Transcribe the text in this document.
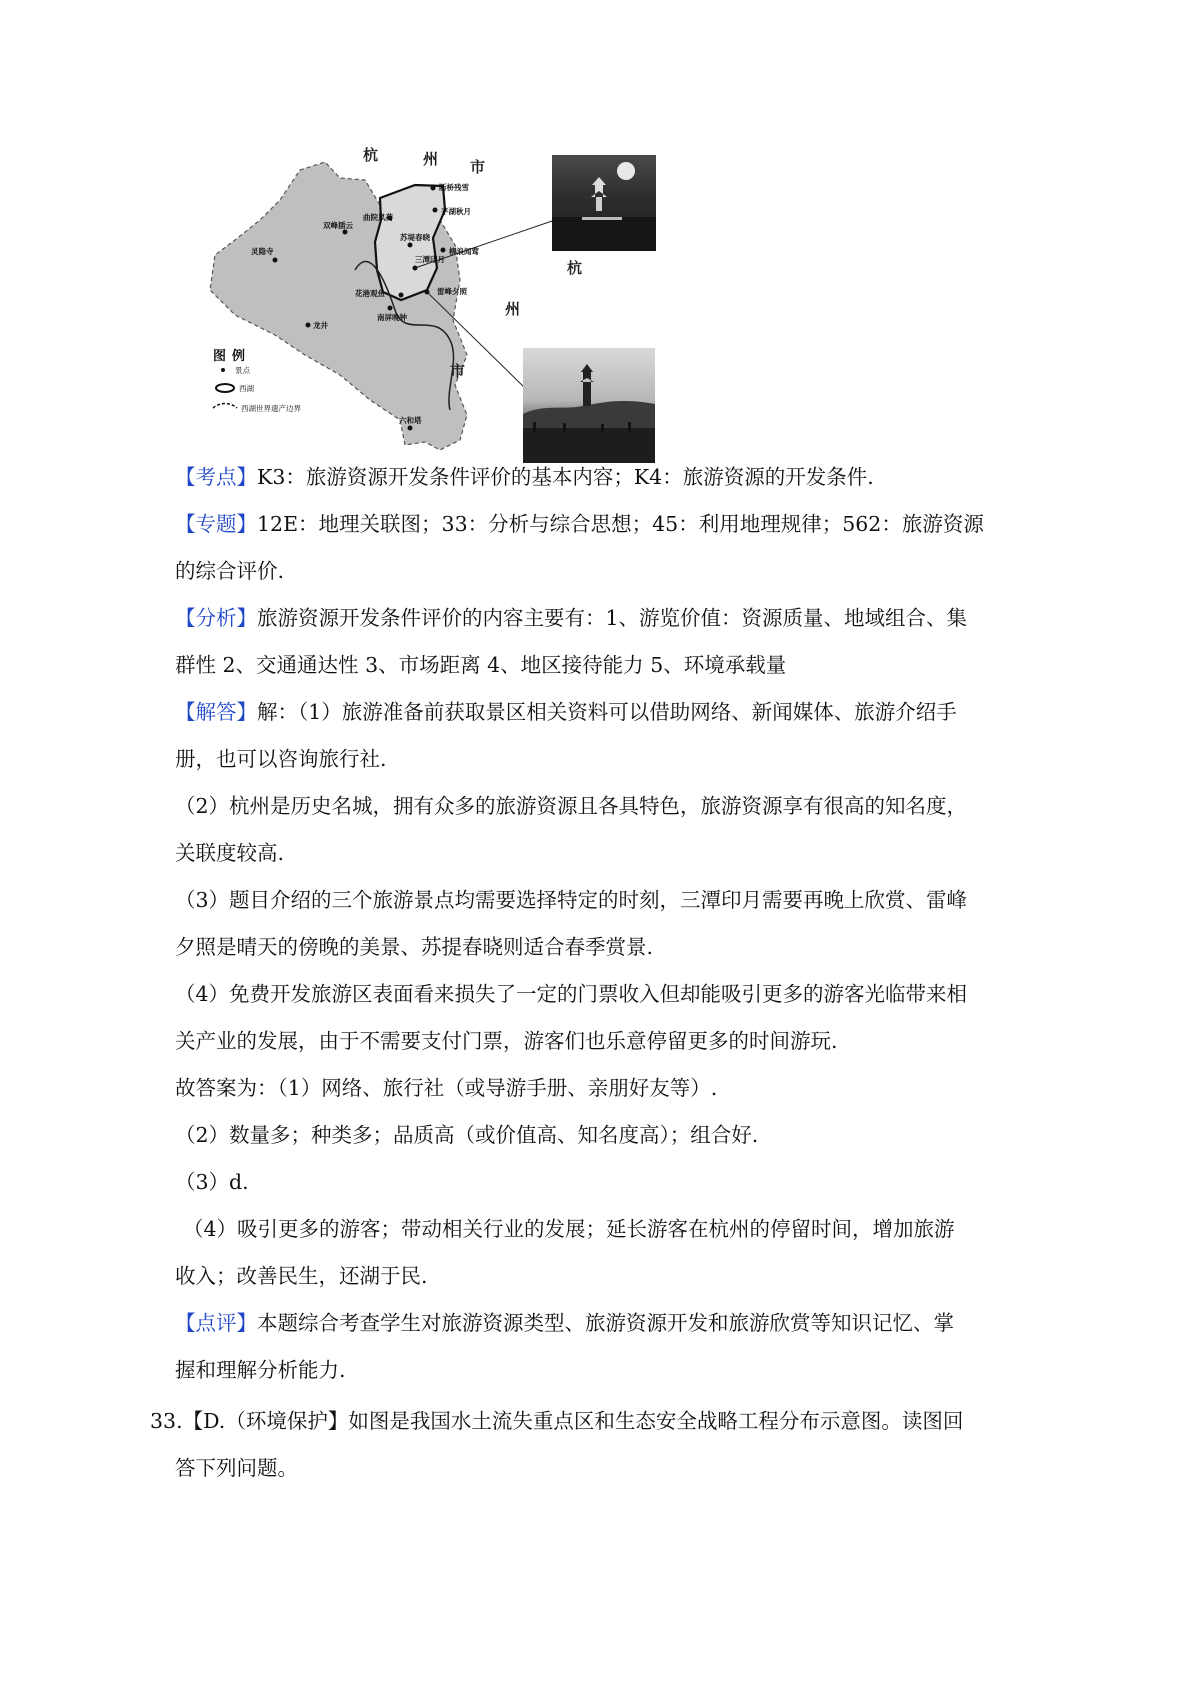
杭	州 市
杭
州
市
断桥残雪
平湖秋月
曲院风荷
苏堤春晓
双峰插云
三潭印月
柳浪闻莺
灵隐寺
花港观鱼	雷峰夕照
南屏晚钟
龙井
六和塔
图例
景点
西湖
西湖世界遗产边界

【考点】K3：旅游资源开发条件评价的基本内容；K4：旅游资源的开发条件.

【专题】12E：地理关联图；33：分析与综合思想；45：利用地理规律；562：旅游资源

的综合评价.

【分析】旅游资源开发条件评价的内容主要有：1、游览价值：资源质量、地域组合、集

群性 2、交通通达性 3、市场距离 4、地区接待能力 5、环境承载量

【解答】解：（1）旅游准备前获取景区相关资料可以借助网络、新闻媒体、旅游介绍手

册，也可以咨询旅行社.

（2）杭州是历史名城，拥有众多的旅游资源且各具特色，旅游资源享有很高的知名度，

关联度较高.

（3）题目介绍的三个旅游景点均需要选择特定的时刻，三潭印月需要再晚上欣赏、雷峰

夕照是晴天的傍晚的美景、苏提春晓则适合春季赏景.

（4）免费开发旅游区表面看来损失了一定的门票收入但却能吸引更多的游客光临带来相

关产业的发展，由于不需要支付门票，游客们也乐意停留更多的时间游玩.

故答案为：（1）网络、旅行社（或导游手册、亲朋好友等）.

（2）数量多；种类多；品质高（或价值高、知名度高）；组合好.

（3）d.

（4）吸引更多的游客；带动相关行业的发展；延长游客在杭州的停留时间，增加旅游

收入；改善民生，还湖于民.

【点评】本题综合考查学生对旅游资源类型、旅游资源开发和旅游欣赏等知识记忆、掌

握和理解分析能力.

33.【D.（环境保护】如图是我国水土流失重点区和生态安全战略工程分布示意图。读图回

答下列问题。
